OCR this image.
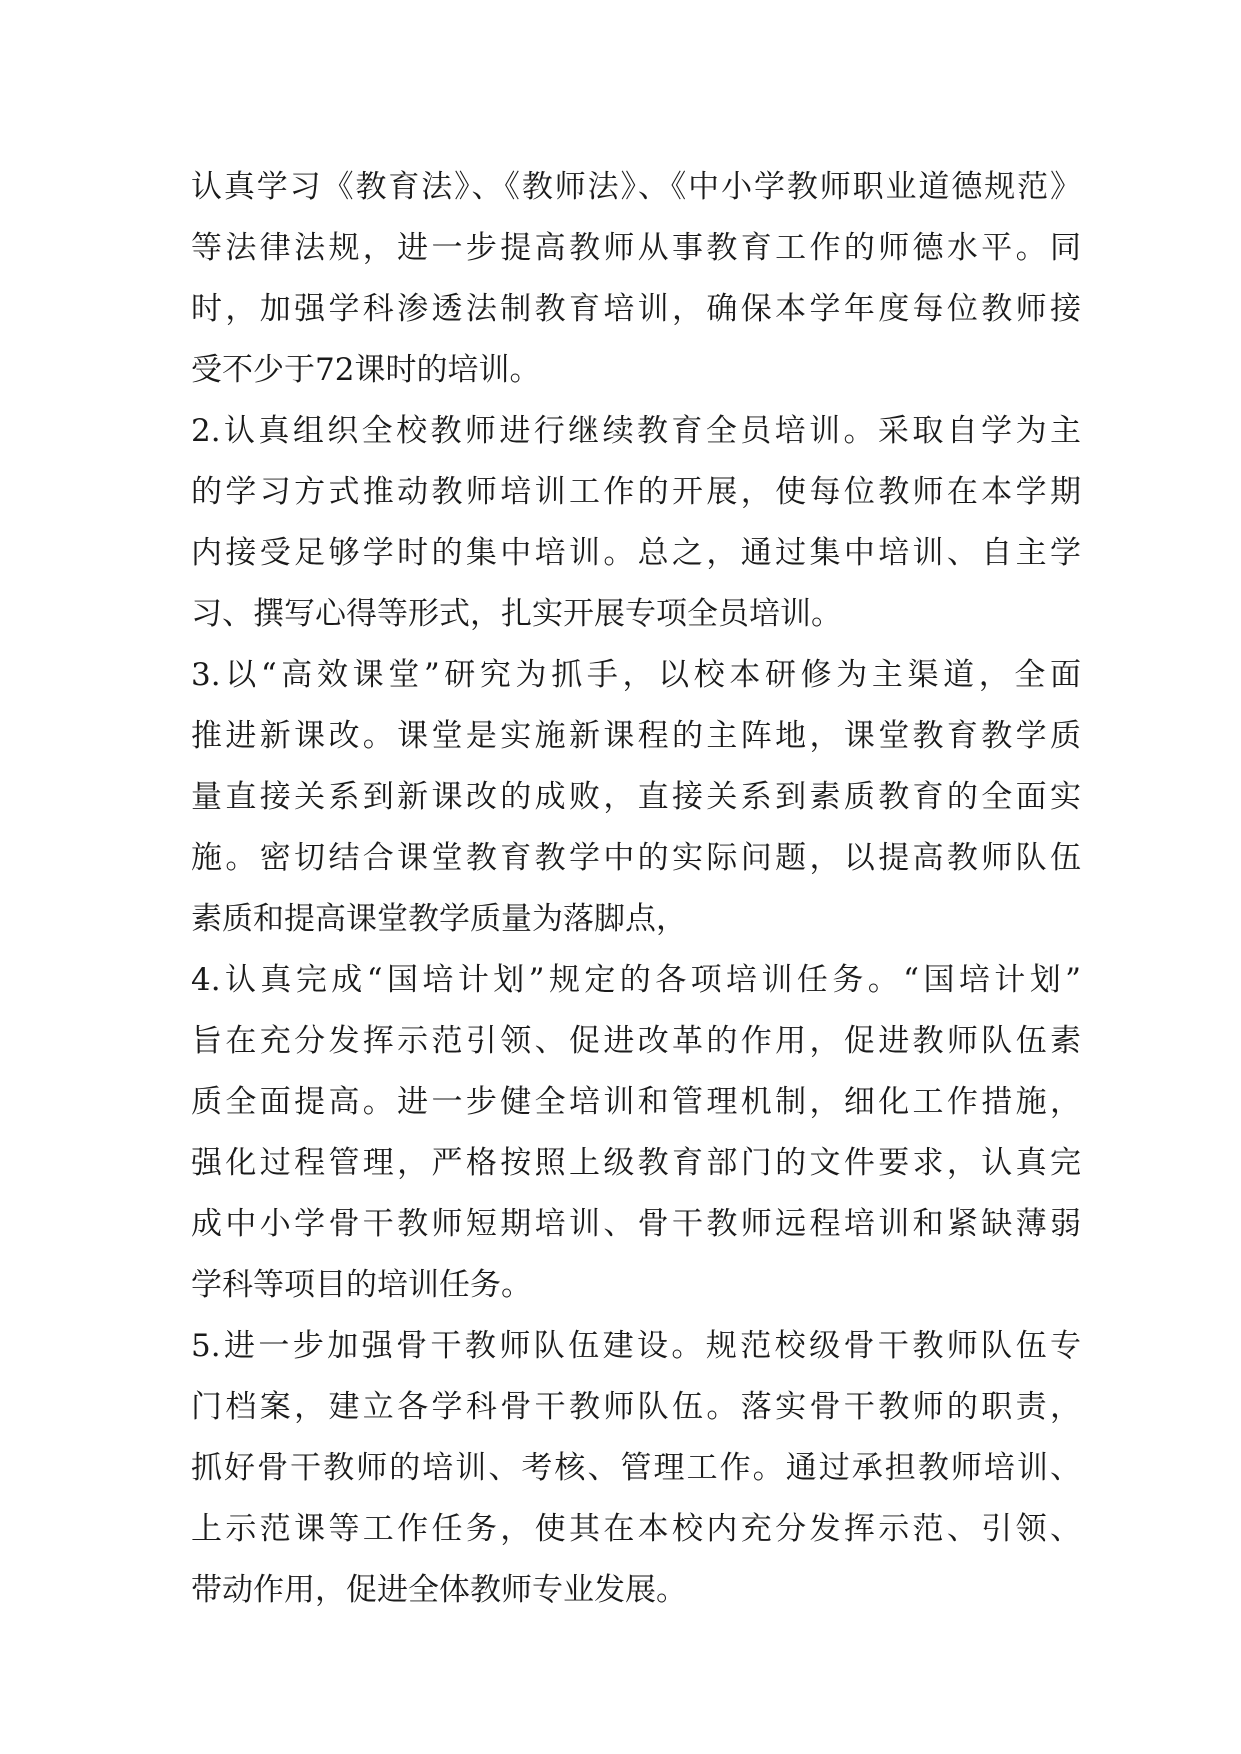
认真学习《教育法》、《教师法》、《中小学教师职业道德规范》
等法律法规，进一步提高教师从事教育工作的师德水平。同
时，加强学科渗透法制教育培训，确保本学年度每位教师接
受不少于72课时的培训。
2.认真组织全校教师进行继续教育全员培训。采取自学为主
的学习方式推动教师培训工作的开展，使每位教师在本学期
内接受足够学时的集中培训。总之，通过集中培训、自主学
习、撰写心得等形式，扎实开展专项全员培训。
3.以“高效课堂”研究为抓手，以校本研修为主渠道，全面
推进新课改。课堂是实施新课程的主阵地，课堂教育教学质
量直接关系到新课改的成败，直接关系到素质教育的全面实
施。密切结合课堂教育教学中的实际问题，以提高教师队伍
素质和提高课堂教学质量为落脚点，
4.认真完成“国培计划”规定的各项培训任务。“国培计划”
旨在充分发挥示范引领、促进改革的作用，促进教师队伍素
质全面提高。进一步健全培训和管理机制，细化工作措施，
强化过程管理，严格按照上级教育部门的文件要求，认真完
成中小学骨干教师短期培训、骨干教师远程培训和紧缺薄弱
学科等项目的培训任务。
5.进一步加强骨干教师队伍建设。规范校级骨干教师队伍专
门档案，建立各学科骨干教师队伍。落实骨干教师的职责，
抓好骨干教师的培训、考核、管理工作。通过承担教师培训、
上示范课等工作任务，使其在本校内充分发挥示范、引领、
带动作用，促进全体教师专业发展。
